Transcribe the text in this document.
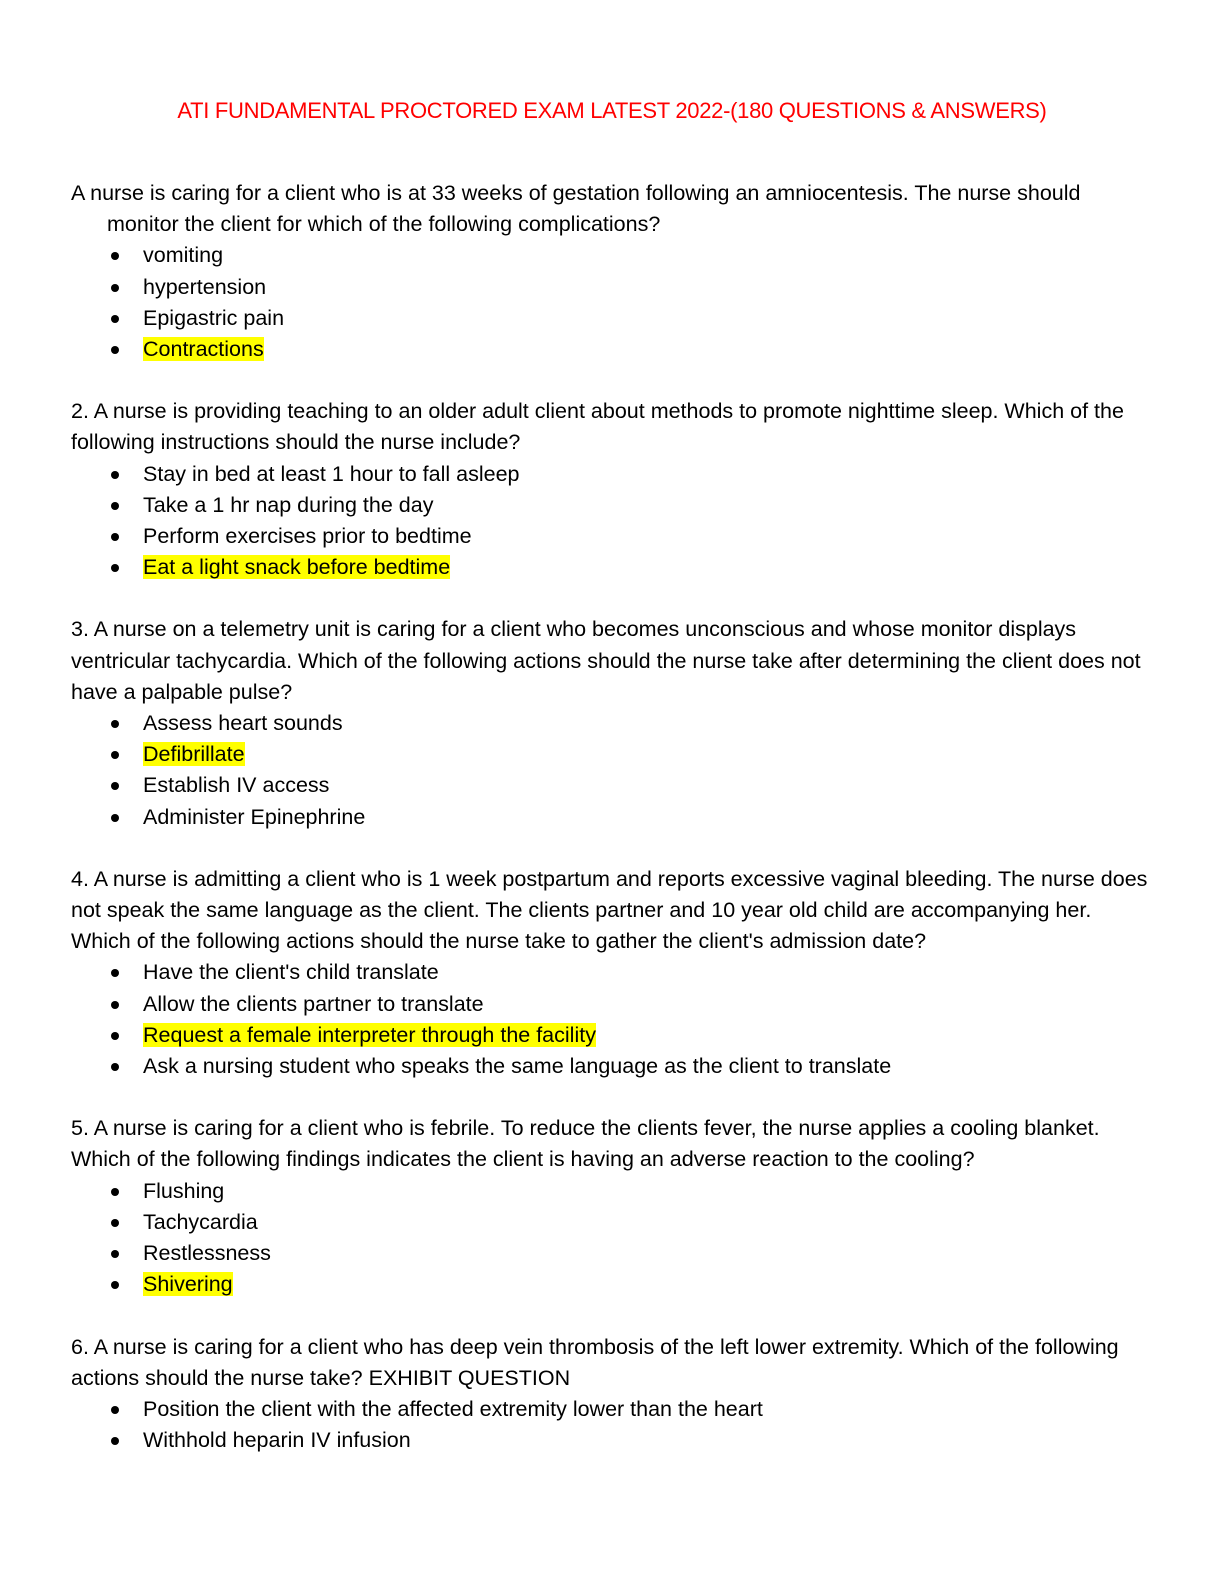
ATI FUNDAMENTAL PROCTORED EXAM LATEST 2022-(180 QUESTIONS & ANSWERS)

A nurse is caring for a client who is at 33 weeks of gestation following an amniocentesis. The nurse should monitor the client for which of the following complications?

vomiting
hypertension
Epigastric pain
Contractions

2. A nurse is providing teaching to an older adult client about methods to promote nighttime sleep. Which of the following instructions should the nurse include?

Stay in bed at least 1 hour to fall asleep
Take a 1 hr nap during the day
Perform exercises prior to bedtime
Eat a light snack before bedtime

3. A nurse on a telemetry unit is caring for a client who becomes unconscious and whose monitor displays ventricular tachycardia. Which of the following actions should the nurse take after determining the client does not have a palpable pulse?

Assess heart sounds
Defibrillate
Establish IV access
Administer Epinephrine

4. A nurse is admitting a client who is 1 week postpartum and reports excessive vaginal bleeding. The nurse does not speak the same language as the client. The clients partner and 10 year old child are accompanying her. Which of the following actions should the nurse take to gather the client's admission date?

Have the client's child translate
Allow the clients partner to translate
Request a female interpreter through the facility
Ask a nursing student who speaks the same language as the client to translate

5. A nurse is caring for a client who is febrile. To reduce the clients fever, the nurse applies a cooling blanket. Which of the following findings indicates the client is having an adverse reaction to the cooling?

Flushing
Tachycardia
Restlessness
Shivering

6. A nurse is caring for a client who has deep vein thrombosis of the left lower extremity. Which of the following actions should the nurse take? EXHIBIT QUESTION

Position the client with the affected extremity lower than the heart
Withhold heparin IV infusion
